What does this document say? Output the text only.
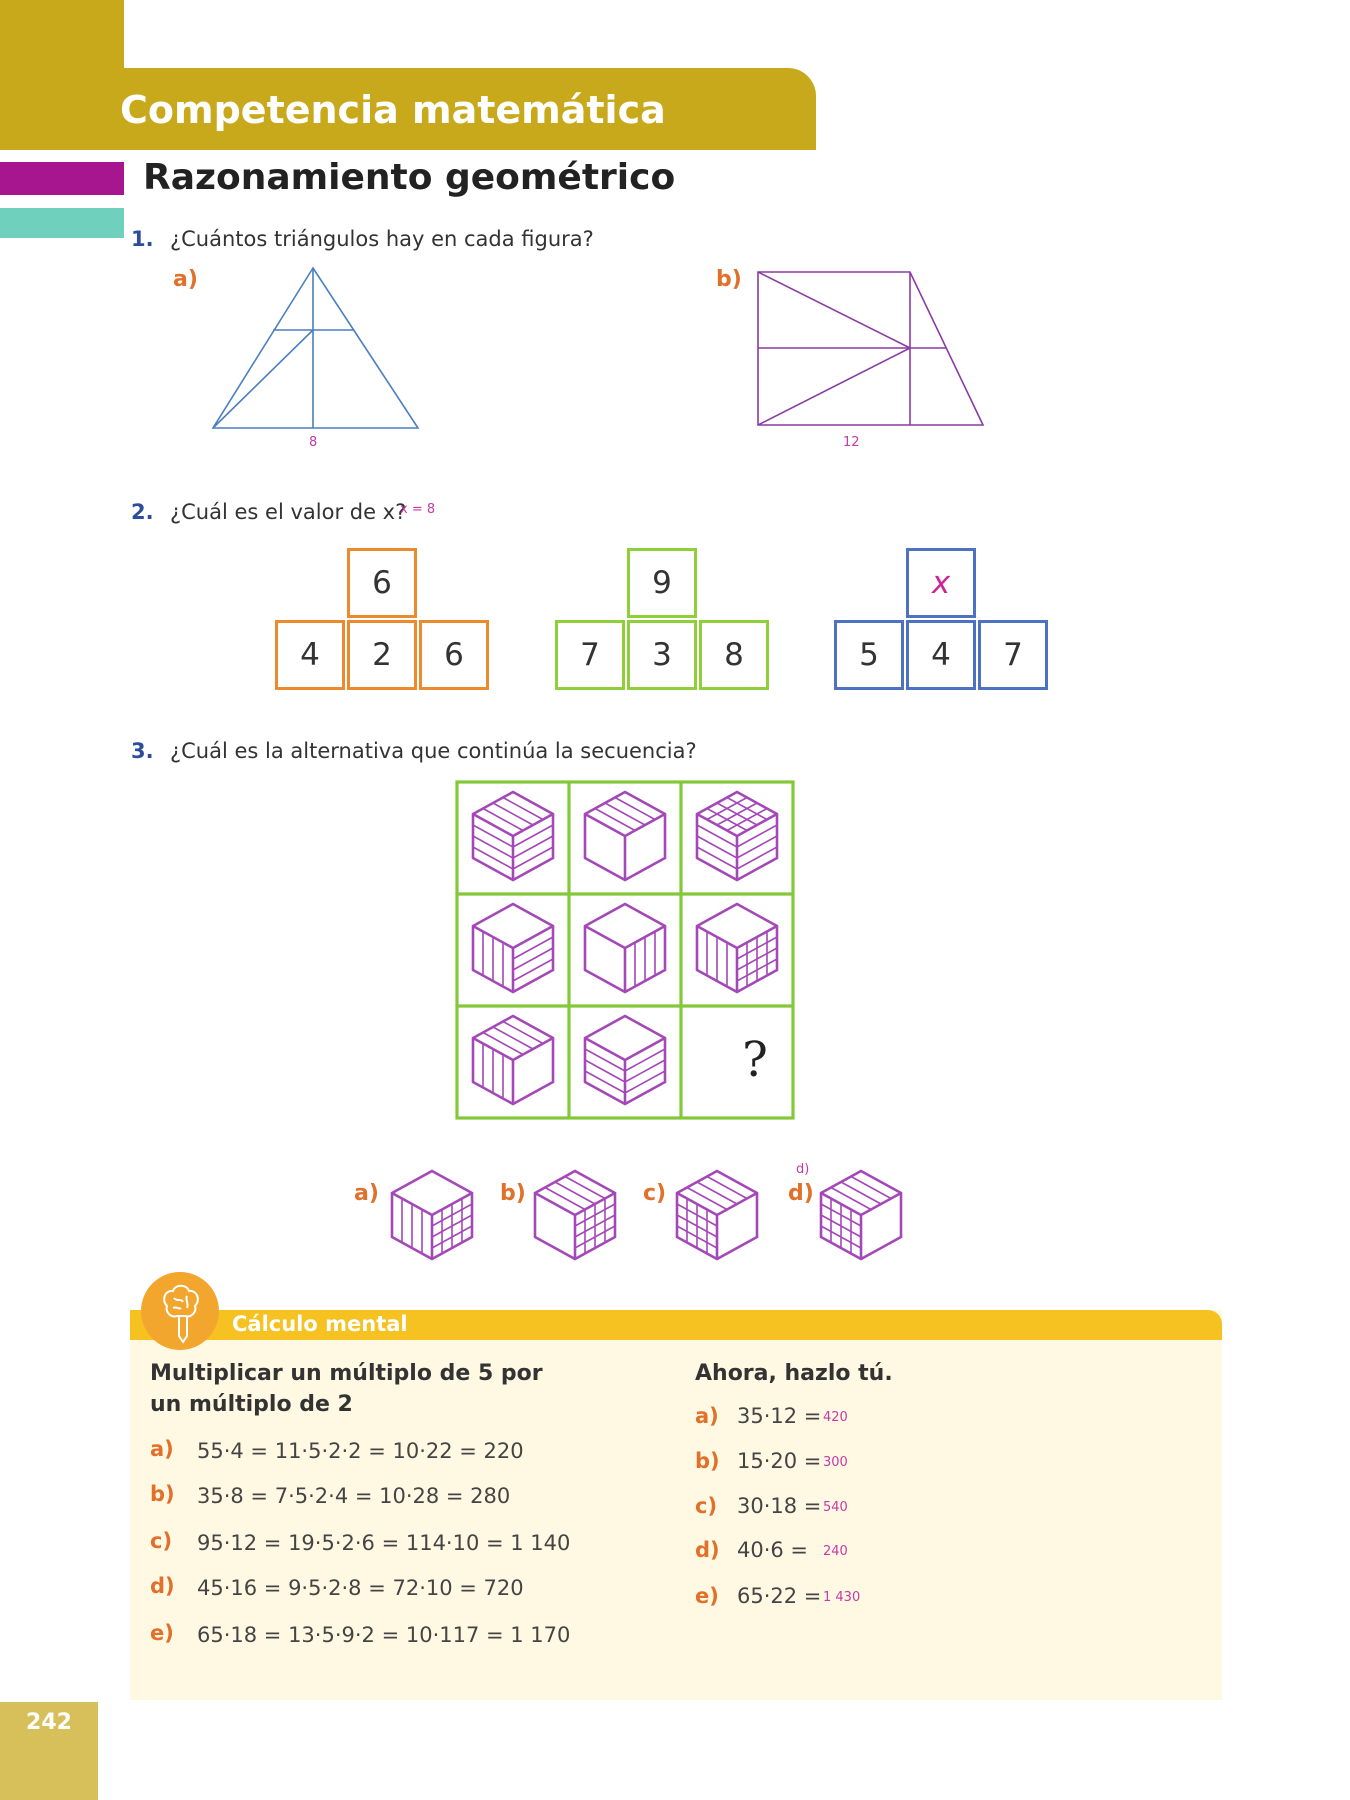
Competencia matemática
Razonamiento geométrico
1. ¿Cuántos triángulos hay en cada figura?
a)	b)
8	12
2. ¿Cuál es el valor de x?
x = 8
6
4	2	6
9
7	3	8
x
5	4	7
3. ¿Cuál es la alternativa que continúa la secuencia?
?
a)	b)	c)	d)
d)
Cálculo mental
Multiplicar un múltiplo de 5 por
un múltiplo de 2
a) 55·4 = 11·5·2·2 = 10·22 = 220
b) 35·8 = 7·5·2·4 = 10·28 = 280
c) 95·12 = 19·5·2·6 = 114·10 = 1 140
d) 45·16 = 9·5·2·8 = 72·10 = 720
e) 65·18 = 13·5·9·2 = 10·117 = 1 170
Ahora, hazlo tú.
a) 35·12 = 420
b) 15·20 = 300
c) 30·18 = 540
d) 40·6 = 240
e) 65·22 = 1 430
242
